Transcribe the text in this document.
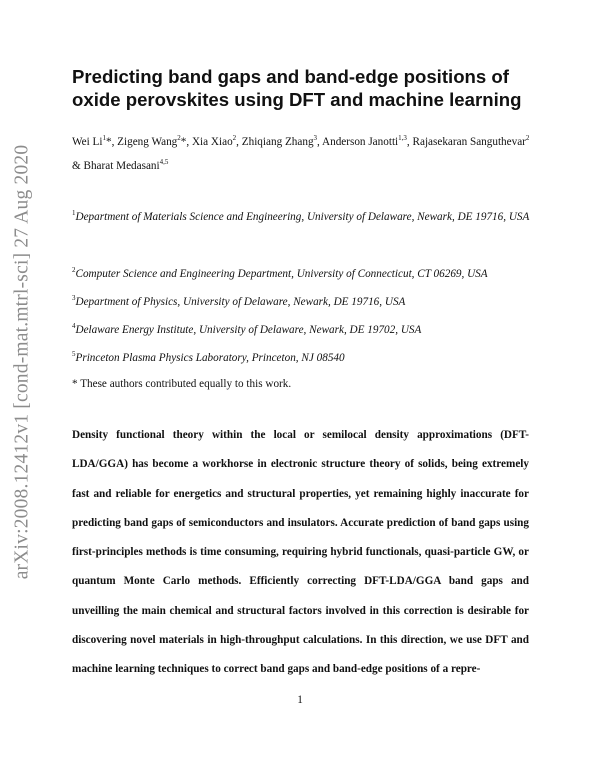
arXiv:2008.12412v1 [cond-mat.mtrl-sci] 27 Aug 2020
Predicting band gaps and band-edge positions of oxide perovskites using DFT and machine learning
Wei Li$^1$*, Zigeng Wang$^2$*, Xia Xiao$^2$, Zhiqiang Zhang$^3$, Anderson Janotti$^{1,3}$, Rajasekaran Sanguthevar$^2$
& Bharat Medasani$^{4,5}$
$^1$Department of Materials Science and Engineering, University of Delaware, Newark, DE 19716, USA
$^2$Computer Science and Engineering Department, University of Connecticut, CT 06269, USA
$^3$Department of Physics, University of Delaware, Newark, DE 19716, USA
$^4$Delaware Energy Institute, University of Delaware, Newark, DE 19702, USA
$^5$Princeton Plasma Physics Laboratory, Princeton, NJ 08540
* These authors contributed equally to this work.

Density functional theory within the local or semilocal density approximations (DFT-LDA/GGA) has become a workhorse in electronic structure theory of solids, being extremely fast and reliable for energetics and structural properties, yet remaining highly inaccurate for predicting band gaps of semiconductors and insulators. Accurate prediction of band gaps using first-principles methods is time consuming, requiring hybrid functionals, quasi-particle GW, or quantum Monte Carlo methods. Efficiently correcting DFT-LDA/GGA band gaps and unveilling the main chemical and structural factors involved in this correction is desirable for discovering novel materials in high-throughput calculations. In this direction, we use DFT and machine learning techniques to correct band gaps and band-edge positions of a repre-

1
